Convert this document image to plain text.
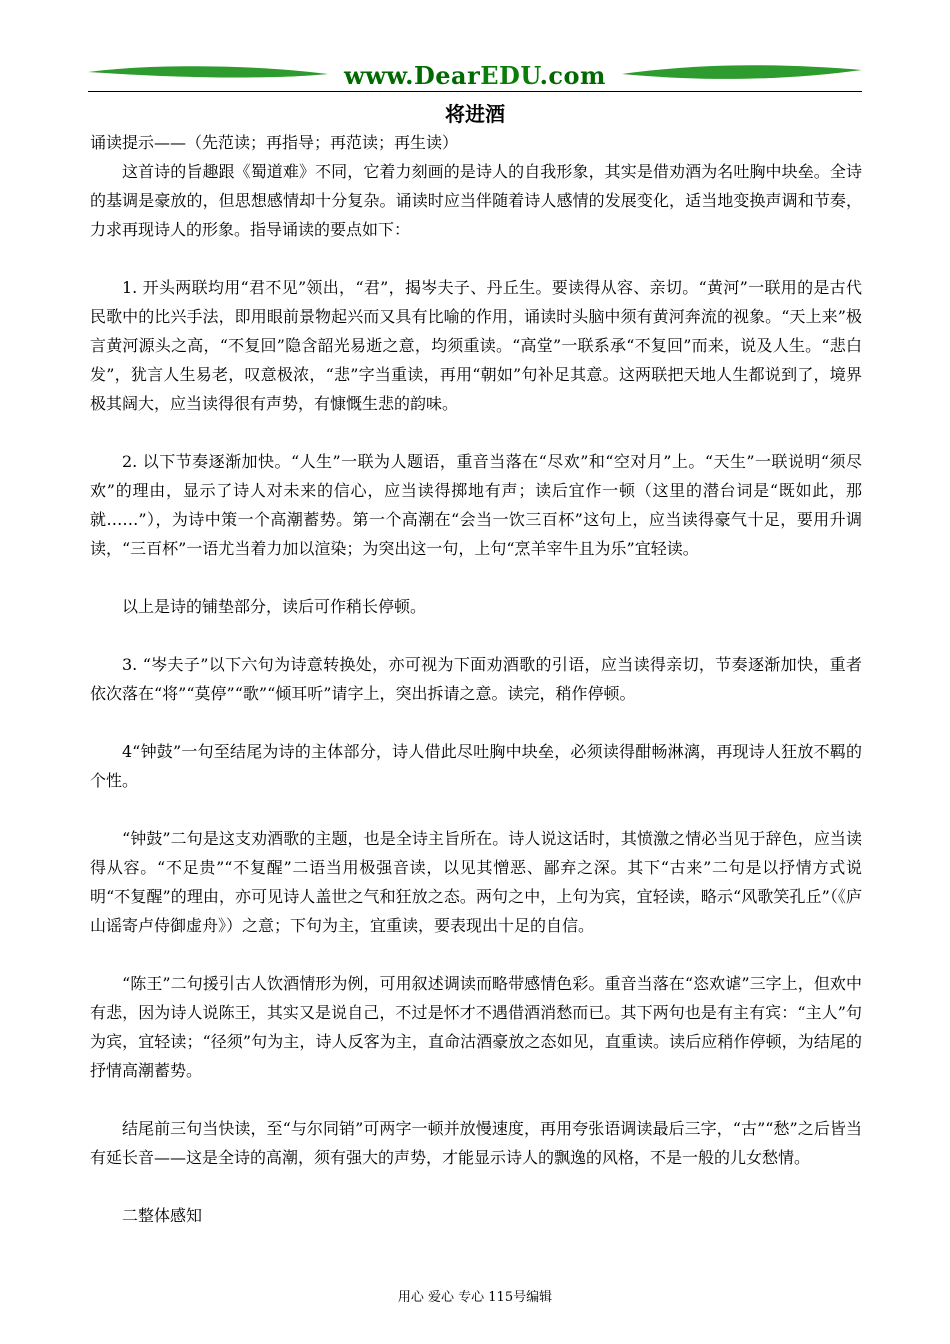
www.DearEDU.com
将进酒

诵读提示——（先范读；再指导；再范读；再生读）

这首诗的旨趣跟《蜀道难》不同，它着力刻画的是诗人的自我形象，其实是借劝酒为名吐胸中块垒。全诗的基调是豪放的，但思想感情却十分复杂。诵读时应当伴随着诗人感情的发展变化，适当地变换声调和节奏，力求再现诗人的形象。指导诵读的要点如下：

1. 开头两联均用“君不见”领出，“君”，揭岑夫子、丹丘生。要读得从容、亲切。“黄河”一联用的是古代民歌中的比兴手法，即用眼前景物起兴而又具有比喻的作用，诵读时头脑中须有黄河奔流的视象。“天上来”极言黄河源头之高，“不复回”隐含韶光易逝之意，均须重读。“高堂”一联系承“不复回”而来，说及人生。“悲白发”，犹言人生易老，叹意极浓，“悲”字当重读，再用“朝如”句补足其意。这两联把天地人生都说到了，境界极其阔大，应当读得很有声势，有慷慨生悲的韵味。

2. 以下节奏逐渐加快。“人生”一联为人题语，重音当落在“尽欢”和“空对月”上。“天生”一联说明“须尽欢”的理由，显示了诗人对未来的信心，应当读得掷地有声；读后宜作一顿（这里的潜台词是“既如此，那就……”），为诗中策一个高潮蓄势。第一个高潮在“会当一饮三百杯”这句上，应当读得豪气十足，要用升调读，“三百杯”一语尤当着力加以渲染；为突出这一句，上句“烹羊宰牛且为乐”宜轻读。

以上是诗的铺垫部分，读后可作稍长停顿。

3. “岑夫子”以下六句为诗意转换处，亦可视为下面劝酒歌的引语，应当读得亲切，节奏逐渐加快，重者依次落在“将”“莫停”“歌”“倾耳听”请字上，突出拆请之意。读完，稍作停顿。

4“钟鼓”一句至结尾为诗的主体部分，诗人借此尽吐胸中块垒，必须读得酣畅淋漓，再现诗人狂放不羁的个性。

“钟鼓”二句是这支劝酒歌的主题，也是全诗主旨所在。诗人说这话时，其愤激之情必当见于辞色，应当读得从容。“不足贵”“不复醒”二语当用极强音读，以见其憎恶、鄙弃之深。其下“古来”二句是以抒情方式说明“不复醒”的理由，亦可见诗人盖世之气和狂放之态。两句之中，上句为宾，宜轻读，略示“风歌笑孔丘”（《庐山谣寄卢侍御虚舟》）之意；下句为主，宜重读，要表现出十足的自信。

“陈王”二句援引古人饮酒情形为例，可用叙述调读而略带感情色彩。重音当落在“恣欢谑”三字上，但欢中有悲，因为诗人说陈王，其实又是说自己，不过是怀才不遇借酒消愁而已。其下两句也是有主有宾：“主人”句为宾，宜轻读；“径须”句为主，诗人反客为主，直命沽酒豪放之态如见，直重读。读后应稍作停顿，为结尾的抒情高潮蓄势。

结尾前三句当快读，至“与尔同销”可两字一顿并放慢速度，再用夸张语调读最后三字，“古”“愁”之后皆当有延长音——这是全诗的高潮，须有强大的声势，才能显示诗人的飘逸的风格，不是一般的儿女愁情。

二整体感知

用心 爱心 专心 115号编辑
